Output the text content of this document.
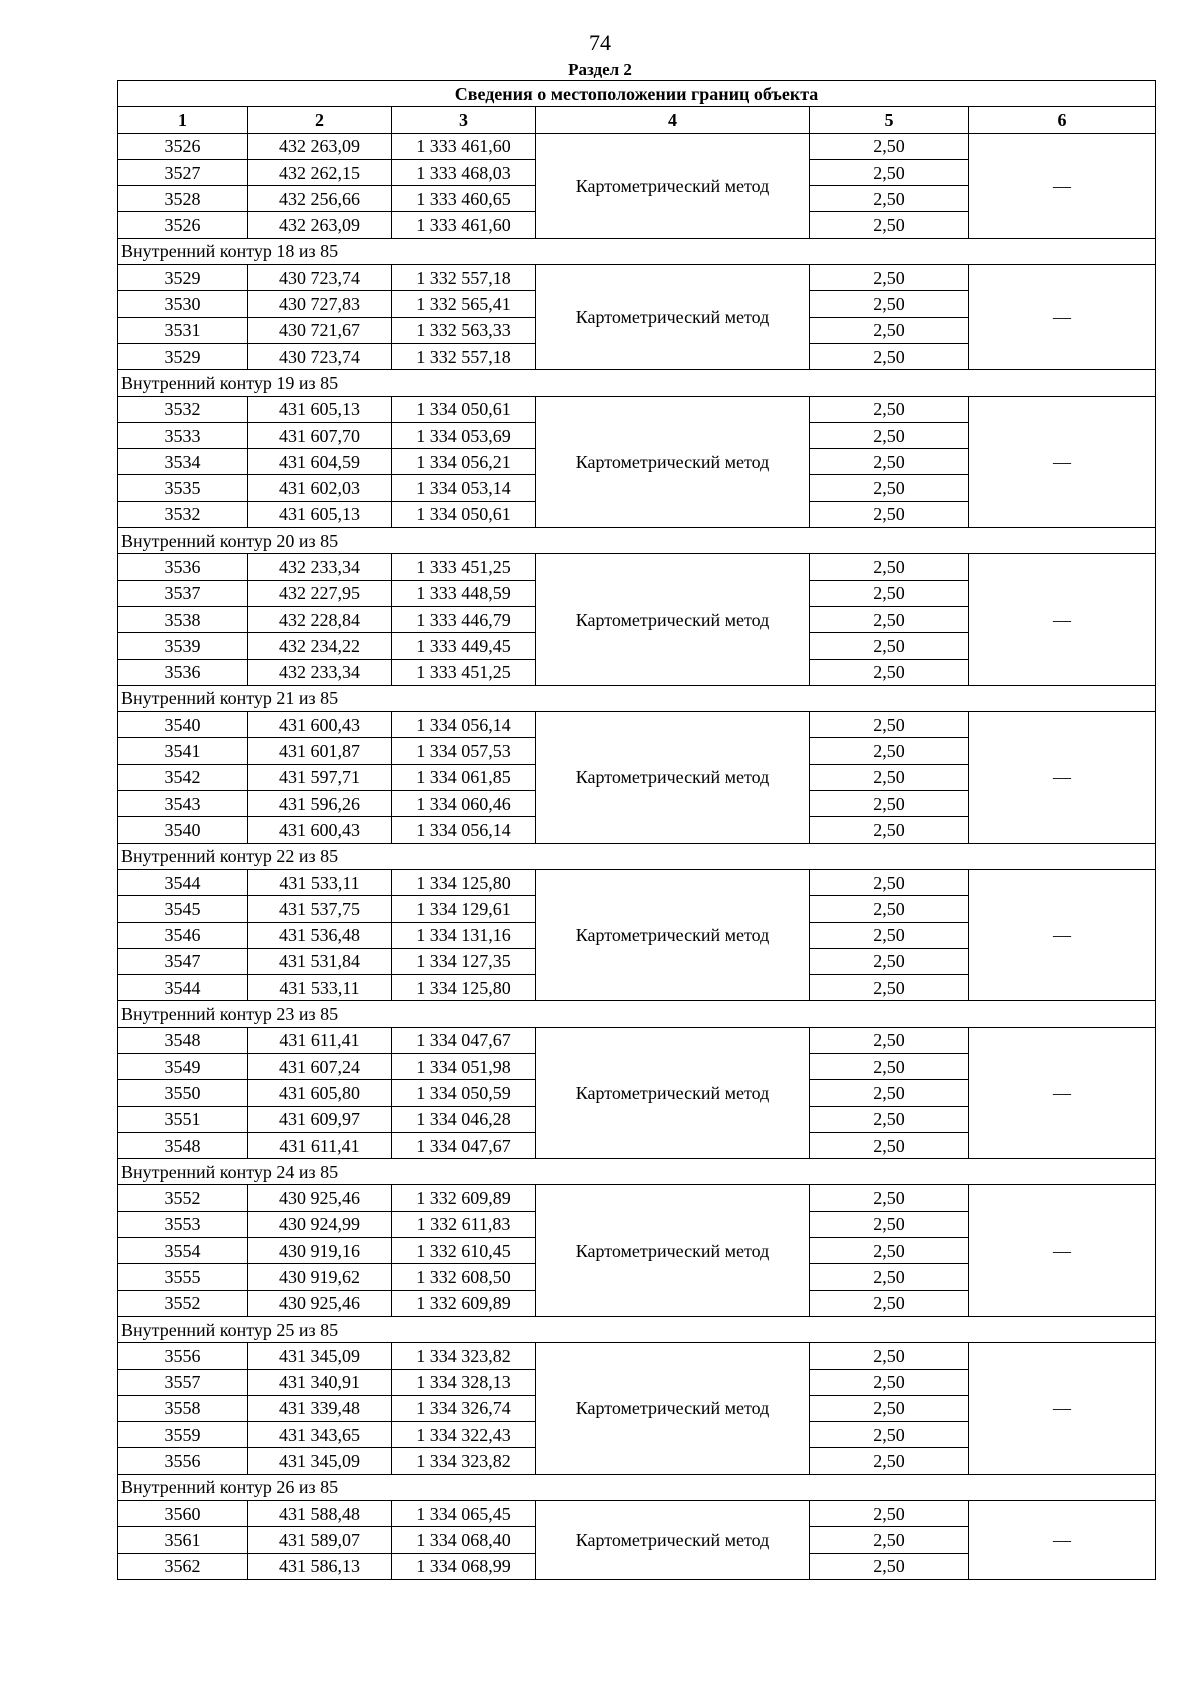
74
Раздел 2
Сведения о местоположении границ объекта					
1	2	3	4	5	6
3526	432 263,09	1 333 461,60	Картометрический метод	2,50	—
3527	432 262,15	1 333 468,03		2,50	
3528	432 256,66	1 333 460,65		2,50	
3526	432 263,09	1 333 461,60		2,50	
Внутренний контур 18 из 85					
3529	430 723,74	1 332 557,18	Картометрический метод	2,50	—
3530	430 727,83	1 332 565,41		2,50	
3531	430 721,67	1 332 563,33		2,50	
3529	430 723,74	1 332 557,18		2,50	
Внутренний контур 19 из 85					
3532	431 605,13	1 334 050,61	Картометрический метод	2,50	—
3533	431 607,70	1 334 053,69		2,50	
3534	431 604,59	1 334 056,21		2,50	
3535	431 602,03	1 334 053,14		2,50	
3532	431 605,13	1 334 050,61		2,50	
Внутренний контур 20 из 85					
3536	432 233,34	1 333 451,25	Картометрический метод	2,50	—
3537	432 227,95	1 333 448,59		2,50	
3538	432 228,84	1 333 446,79		2,50	
3539	432 234,22	1 333 449,45		2,50	
3536	432 233,34	1 333 451,25		2,50	
Внутренний контур 21 из 85					
3540	431 600,43	1 334 056,14	Картометрический метод	2,50	—
3541	431 601,87	1 334 057,53		2,50	
3542	431 597,71	1 334 061,85		2,50	
3543	431 596,26	1 334 060,46		2,50	
3540	431 600,43	1 334 056,14		2,50	
Внутренний контур 22 из 85					
3544	431 533,11	1 334 125,80	Картометрический метод	2,50	—
3545	431 537,75	1 334 129,61		2,50	
3546	431 536,48	1 334 131,16		2,50	
3547	431 531,84	1 334 127,35		2,50	
3544	431 533,11	1 334 125,80		2,50	
Внутренний контур 23 из 85					
3548	431 611,41	1 334 047,67	Картометрический метод	2,50	—
3549	431 607,24	1 334 051,98		2,50	
3550	431 605,80	1 334 050,59		2,50	
3551	431 609,97	1 334 046,28		2,50	
3548	431 611,41	1 334 047,67		2,50	
Внутренний контур 24 из 85					
3552	430 925,46	1 332 609,89	Картометрический метод	2,50	—
3553	430 924,99	1 332 611,83		2,50	
3554	430 919,16	1 332 610,45		2,50	
3555	430 919,62	1 332 608,50		2,50	
3552	430 925,46	1 332 609,89		2,50	
Внутренний контур 25 из 85					
3556	431 345,09	1 334 323,82	Картометрический метод	2,50	—
3557	431 340,91	1 334 328,13		2,50	
3558	431 339,48	1 334 326,74		2,50	
3559	431 343,65	1 334 322,43		2,50	
3556	431 345,09	1 334 323,82		2,50	
Внутренний контур 26 из 85					
3560	431 588,48	1 334 065,45	Картометрический метод	2,50	—
3561	431 589,07	1 334 068,40		2,50	
3562	431 586,13	1 334 068,99		2,50	
